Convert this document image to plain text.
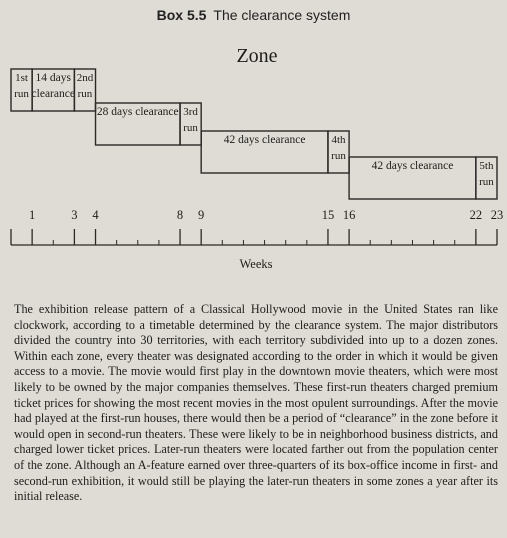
Box 5.5 The clearance system
Zone
14 days
clearance
28 days clearance
42 days clearance
42 days clearance
1st
run
2nd
run
3rd
run
4th
run
5th
run
1	3 4	8 9	15 16	22 23
Weeks

The exhibition release pattern of a Classical Hollywood movie in the United States ran like clockwork, according to a timetable determined by the clearance system. The major distributors divided the country into 30 territories, with each territory subdivided into up to a dozen zones. Within each zone, every theater was designated according to the order in which it would be given access to a movie. The movie would first play in the downtown movie theaters, which were most likely to be owned by the major companies themselves. These first-run theaters charged premium ticket prices for showing the most recent movies in the most opulent surroundings. After the movie had played at the first-run houses, there would then be a period of “clearance” in the zone before it would open in second-run theaters. These were likely to be in neighborhood business districts, and charged lower ticket prices. Later-run theaters were located farther out from the population center of the zone. Although an A-feature earned over three-quarters of its box-office income in first- and second-run exhibition, it would still be playing the later-run theaters in some zones a year after its initial release.
